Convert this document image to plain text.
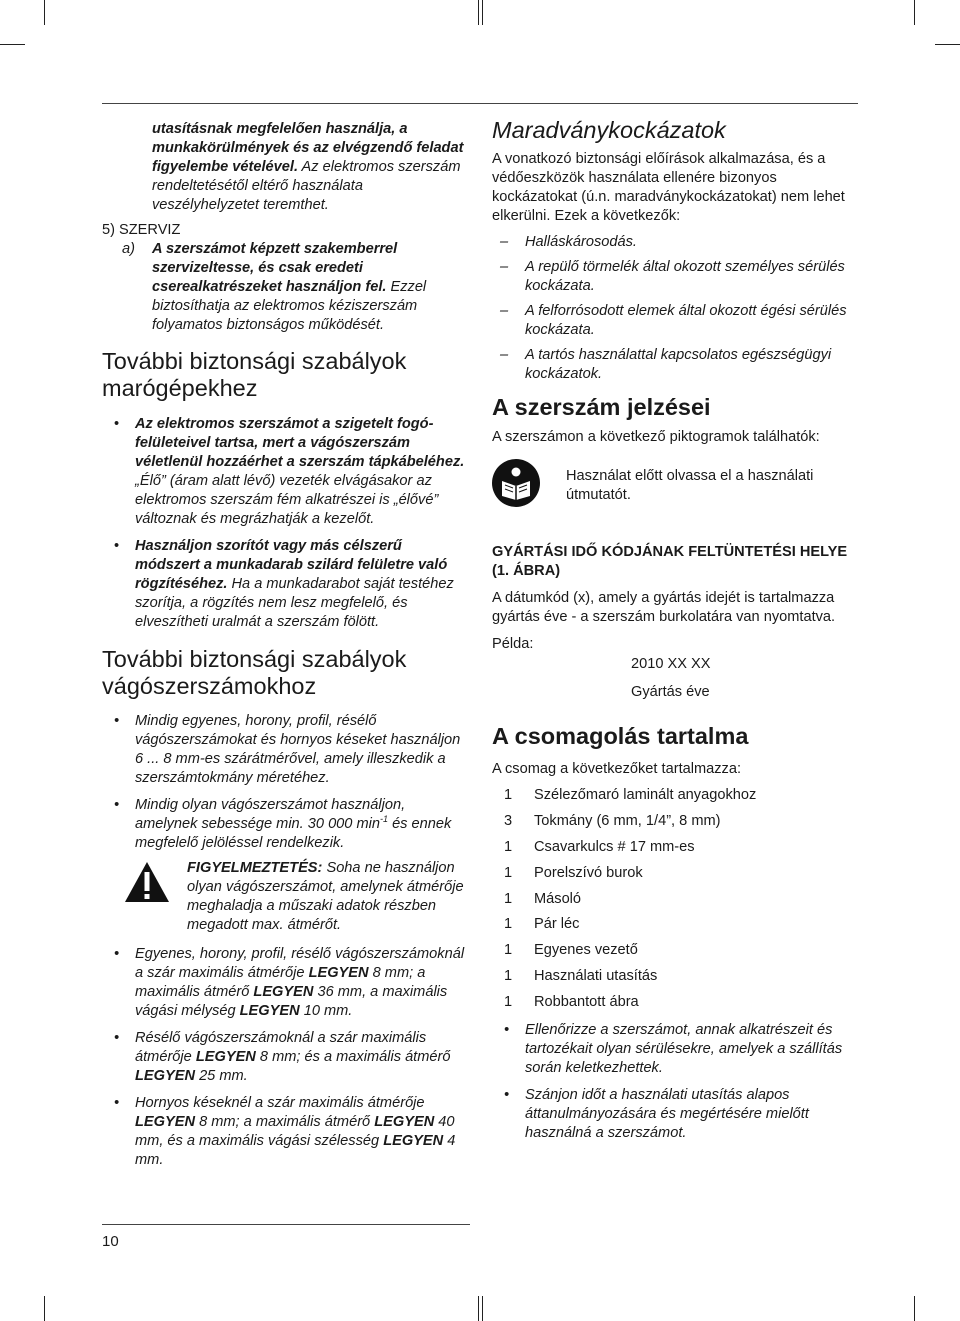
utasításnak megfelelően használja, a munkakörülmények és az elvégzendő feladat figyelembe vételével. Az elektromos szerszám rendeltetésétől eltérő használata veszélyhelyzetet teremthet.

5) SZERVIZ

a) A szerszámot képzett szakemberrel szervizeltesse, és csak eredeti cserealkatrészeket használjon fel. Ezzel biztosíthatja az elektromos kéziszerszám folyamatos biztonságos működését.
További biztonsági szabályok marógépekhez
• Az elektromos szerszámot a szigetelt fogó-felületeivel tartsa, mert a vágószerszám véletlenül hozzáérhet a szerszám tápkábeléhez. „Élő” (áram alatt lévő) vezeték elvágásakor az elektromos szerszám fém alkatrészei is „élővé” változnak és megrázhatják a kezelőt.
• Használjon szorítót vagy más célszerű módszert a munkadarab szilárd felületre való rögzítéséhez. Ha a munkadarabot saját testéhez szorítja, a rögzítés nem lesz megfelelő, és elveszítheti uralmát a szerszám fölött.
További biztonsági szabályok vágószerszámokhoz
• Mindig egyenes, horony, profil, résélő vágószerszámokat és hornyos késeket használjon 6 ... 8 mm-es szárátmérővel, amely illeszkedik a szerszámtokmány méretéhez.
• Mindig olyan vágószerszámot használjon, amelynek sebessége min. 30 000 $\min^{-1}$ és ennek megfelelő jelöléssel rendelkezik.

FIGYELMEZTETÉS: Soha ne használjon olyan vágószerszámot, amelynek átmérője meghaladja a műszaki adatok részben megadott max. átmérőt.

• Egyenes, horony, profil, résélő vágószerszámoknál a szár maximális átmérője LEGYEN 8 mm; a maximális átmérő LEGYEN 36 mm, a maximális vágási mélység LEGYEN 10 mm.
• Résélő vágószerszámoknál a szár maximális átmérője LEGYEN 8 mm; és a maximális átmérő LEGYEN 25 mm.
• Hornyos késeknél a szár maximális átmérője LEGYEN 8 mm; a maximális átmérő LEGYEN 40 mm, és a maximális vágási szélesség LEGYEN 4 mm.
Maradványkockázatok

A vonatkozó biztonsági előírások alkalmazása, és a védőeszközök használata ellenére bizonyos kockázatokat (ú.n. maradványkockázatokat) nem lehet elkerülni. Ezek a következők:

– Halláskárosodás.
– A repülő törmelék által okozott személyes sérülés kockázata.
– A felforrósodott elemek által okozott égési sérülés kockázata.
– A tartós használattal kapcsolatos egészségügyi kockázatok.
A szerszám jelzései

A szerszámon a következő piktogramok találhatók:

Használat előtt olvassa el a használati útmutatót.

GYÁRTÁSI IDŐ KÓDJÁNAK FELTÜNTETÉSI HELYE (1. ÁBRA)

A dátumkód (x), amely a gyártás idejét is tartalmazza gyártás éve - a szerszám burkolatára van nyomtatva.

Példa:
2010 XX XX
Gyártás éve
A csomagolás tartalma

A csomag a következőket tartalmazza:

1	Szélezőmaró laminált anyagokhoz
3	Tokmány (6 mm, 1/4”, 8 mm)
1	Csavarkulcs # 17 mm-es
1	Porelszívó burok
1	Másoló
1	Pár léc
1	Egyenes vezető
1	Használati utasítás
1	Robbantott ábra
• Ellenőrizze a szerszámot, annak alkatrészeit és tartozékait olyan sérülésekre, amelyek a szállítás során keletkezhettek.
• Szánjon időt a használati utasítás alapos áttanulmányozására és megértésére mielőtt használná a szerszámot.
10
